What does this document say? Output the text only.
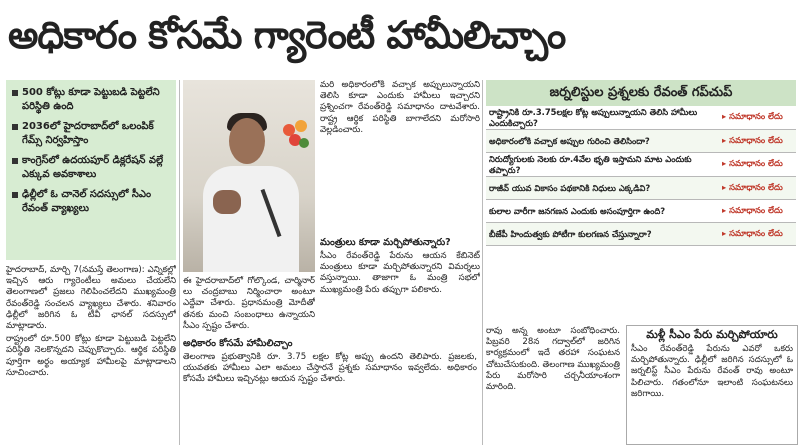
అధికారం కోసమే గ్యారెంటీ హామీలిచ్చాం
500 కోట్లు కూడా పెట్టుబడి పెట్టలేని పరిస్థితి ఉంది
2036లో హైదరాబాద్‌లో ఒలంపిక్ గేమ్స్ నిర్వహిస్తాం
కాంగ్రెస్‌లో ఉదయపూర్ డిక్లరేషన్ వల్లే ఎక్కువ అవకాశాలు
ఢిల్లీలో ఓ చానెల్ సదస్సులో సీఎం రేవంత్ వ్యాఖ్యలు

హైదరాబాద్, మార్చి 7(నమస్తే తెలంగాణ): ఎన్నికల్లో ఇచ్చిన ఆరు గ్యారెంటీలు అమలు చేయలేని తెలంగాణలో ప్రజలు గెలిపించలేదని ముఖ్యమంత్రి రేవంత్‌రెడ్డి సంచలన వ్యాఖ్యలు చేశారు. శనివారం ఢిల్లీలో జరిగిన ఓ టీవీ ఛానల్ సదస్సులో మాట్లాడారు.

రాష్ట్రంలో రూ.500 కోట్లు కూడా పెట్టుబడి పెట్టలేని పరిస్థితి నెలకొన్నదని చెప్పుకొచ్చారు. ఆర్థిక పరిస్థితి పూర్తిగా అర్థం అయ్యాక హామీలపై మాట్లాడాలని సూచించారు.

ఈ హైదరాబాద్‌లో గోల్కొండ, చార్మినార్ లు చంద్రబాబు నిర్మించారా అంటూ ఎద్దేవా చేశారు. ప్రధానమంత్రి మోదీతో తనకు మంచి సంబంధాలు ఉన్నాయని సీఎం స్పష్టం చేశారు.

అధికారం కోసమే హామీలిచ్చాం

తెలంగాణ ప్రభుత్వానికి రూ. 3.75 లక్షల కోట్ల అప్పు ఉందని తెలిపారు. ప్రజలకు, యువతకు హామీలు ఎలా అమలు చేస్తారనే ప్రశ్నకు సమాధానం ఇవ్వలేదు. అధికారం కోసమే హామీలు ఇచ్చినట్లు ఆయన స్పష్టం చేశారు.

మరి అధికారంలోకి వచ్చాక అప్పులున్నాయని తెలిసి కూడా ఎందుకు హామీలు ఇచ్చారని ప్రశ్నించగా రేవంత్‌రెడ్డి సమాధానం దాటవేశారు. రాష్ట్ర ఆర్థిక పరిస్థితి బాగాలేదని మరోసారి వెల్లడించారు.

మంత్రులు కూడా మర్చిపోతున్నారు?

సీఎం రేవంత్‌రెడ్డి పేరును ఆయన కేబినెట్ మంత్రులు కూడా మర్చిపోతున్నారని విమర్శలు వస్తున్నాయి. తాజాగా ఓ మంత్రి సభలో ముఖ్యమంత్రి పేరు తప్పుగా పలికారు.

జర్నలిస్టుల ప్రశ్నలకు రేవంత్ గప్‌చుప్
రాష్ట్రానికి రూ.3.75లక్షల కోట్ల అప్పులున్నాయని తెలిసి హామీలు ఎందుకిచ్చారు?
▸ సమాధానం లేదు
అధికారంలోకి వచ్చాక అప్పుల గురించి తెలిసిందా?	▸ సమాధానం లేదు
నిరుద్యోగులకు నెలకు రూ.4వేల భృతి ఇస్తామని మాట ఎందుకు తప్పారు?
▸ సమాధానం లేదు
రాజీవ్ యువ వికాసం పథకానికి నిధులు ఎక్కడివి?	▸ సమాధానం లేదు
కులాల వారీగా జనగణన ఎందుకు అసంపూర్తిగా ఉంది?	▸ సమాధానం లేదు
బీజేపీ హిందుత్వకు పోటీగా కులగణన చేస్తున్నారా?	▸ సమాధానం లేదు

రావు అన్న అంటూ సంబోధించారు. పిబ్రవరి 28న గద్వాల్‌లో జరిగిన కార్యక్రమంలో ఇదే తరహా సంఘటన చోటుచేసుకుంది. తెలంగాణ ముఖ్యమంత్రి పేరు మరోసారి చర్చనీయాంశంగా మారింది.

మళ్లీ సీఎం పేరు మర్చిపోయారు
సీఎం రేవంత్‌రెడ్డి పేరును ఎవరో ఒకరు మర్చిపోతున్నారు. ఢిల్లీలో జరిగిన సదస్సులో ఓ జర్నలిస్ట్ సీఎం పేరును రేవంత్ రావు అంటూ పిలిచారు. గతంలోనూ ఇలాంటి సంఘటనలు జరిగాయి.
